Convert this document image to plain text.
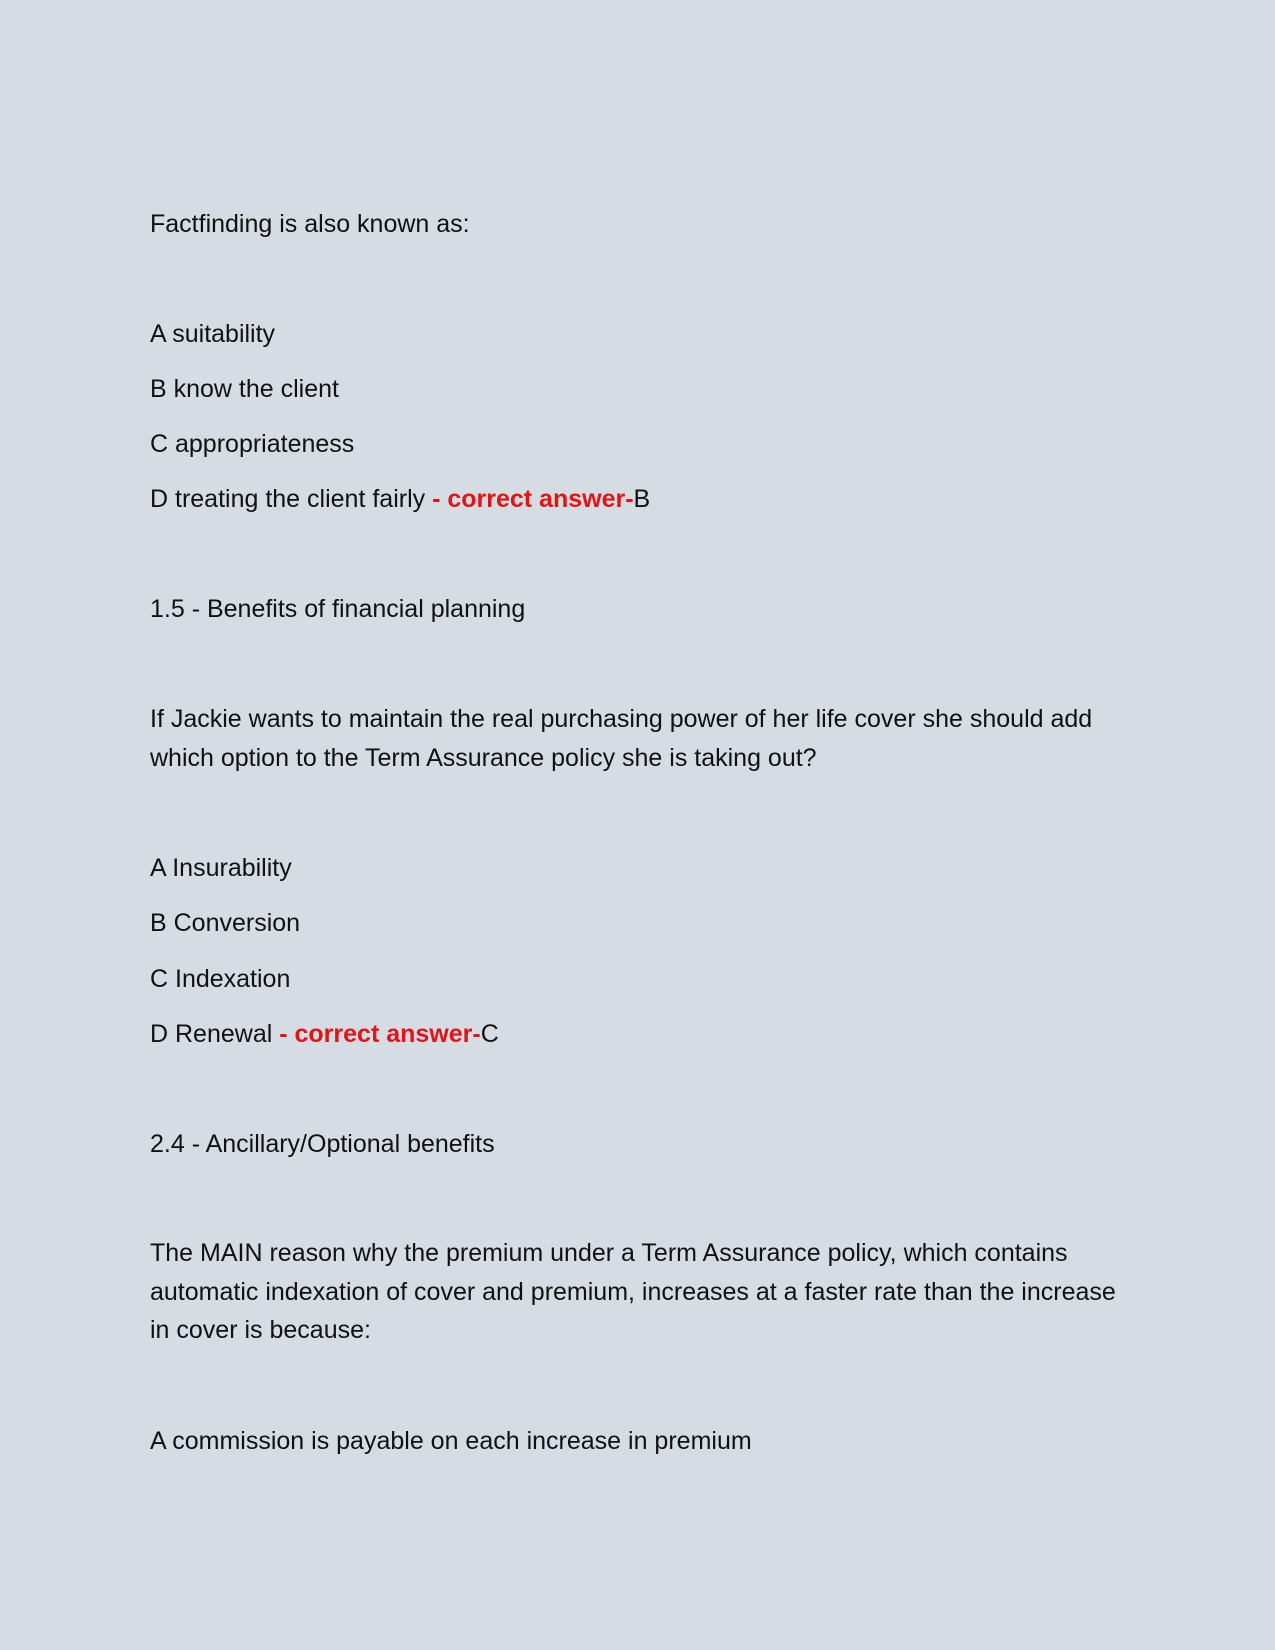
Factfinding is also known as:
A suitability
B know the client
C appropriateness
D treating the client fairly - correct answer-B
1.5 - Benefits of financial planning
If Jackie wants to maintain the real purchasing power of her life cover she should add which option to the Term Assurance policy she is taking out?
A Insurability
B Conversion
C Indexation
D Renewal - correct answer-C
2.4 - Ancillary/Optional benefits
The MAIN reason why the premium under a Term Assurance policy, which contains automatic indexation of cover and premium, increases at a faster rate than the increase in cover is because:
A commission is payable on each increase in premium
